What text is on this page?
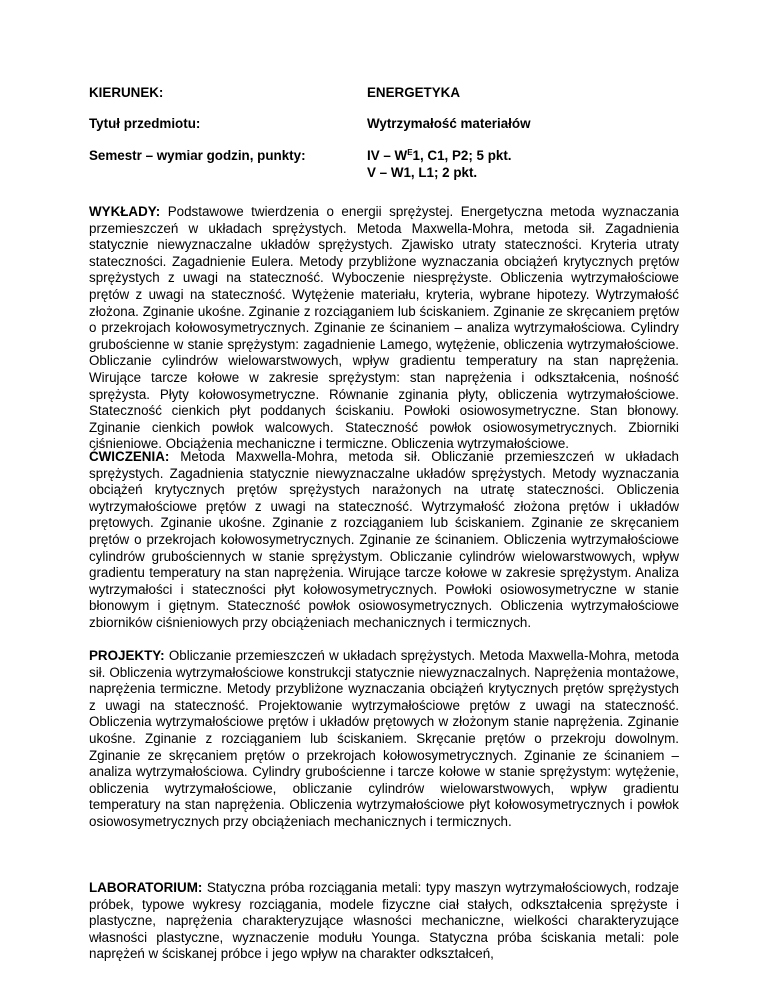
KIERUNEK:	ENERGETYKA
Tytuł przedmiotu:	Wytrzymałość materiałów
Semestr – wymiar godzin, punkty:	IV – $W^E1$, C1, P2; 5 pkt.
V – W1, L1; 2 pkt.
WYKŁADY: Podstawowe twierdzenia o energii sprężystej. Energetyczna metoda wyznaczania przemieszczeń w układach sprężystych. Metoda Maxwella-Mohra, metoda sił. Zagadnienia statycznie niewyznaczalne układów sprężystych. Zjawisko utraty stateczności. Kryteria utraty stateczności. Zagadnienie Eulera. Metody przybliżone wyznaczania obciążeń krytycznych prętów sprężystych z uwagi na stateczność. Wyboczenie niesprężyste. Obliczenia wytrzymałościowe prętów z uwagi na stateczność. Wytężenie materiału, kryteria, wybrane hipotezy. Wytrzymałość złożona. Zginanie ukośne. Zginanie z rozciąganiem lub ściskaniem. Zginanie ze skręcaniem prętów o przekrojach kołowosymetrycznych. Zginanie ze ścinaniem – analiza wytrzymałościowa. Cylindry grubościenne w stanie sprężystym: zagadnienie Lamego, wytężenie, obliczenia wytrzymałościowe. Obliczanie cylindrów wielowarstwowych, wpływ gradientu temperatury na stan naprężenia. Wirujące tarcze kołowe w zakresie sprężystym: stan naprężenia i odkształcenia, nośność sprężysta. Płyty kołowosymetryczne. Równanie zginania płyty, obliczenia wytrzymałościowe. Stateczność cienkich płyt poddanych ściskaniu. Powłoki osiowosymetryczne. Stan błonowy. Zginanie cienkich powłok walcowych. Stateczność powłok osiowosymetrycznych. Zbiorniki ciśnieniowe. Obciążenia mechaniczne i termiczne. Obliczenia wytrzymałościowe.
ĆWICZENIA: Metoda Maxwella-Mohra, metoda sił. Obliczanie przemieszczeń w układach sprężystych. Zagadnienia statycznie niewyznaczalne układów sprężystych. Metody wyznaczania obciążeń krytycznych prętów sprężystych narażonych na utratę stateczności. Obliczenia wytrzymałościowe prętów z uwagi na stateczność. Wytrzymałość złożona prętów i układów prętowych. Zginanie ukośne. Zginanie z rozciąganiem lub ściskaniem. Zginanie ze skręcaniem prętów o przekrojach kołowosymetrycznych. Zginanie ze ścinaniem. Obliczenia wytrzymałościowe cylindrów grubościennych w stanie sprężystym. Obliczanie cylindrów wielowarstwowych, wpływ gradientu temperatury na stan naprężenia. Wirujące tarcze kołowe w zakresie sprężystym. Analiza wytrzymałości i stateczności płyt kołowosymetrycznych. Powłoki osiowosymetryczne w stanie błonowym i giętnym. Stateczność powłok osiowosymetrycznych. Obliczenia wytrzymałościowe zbiorników ciśnieniowych przy obciążeniach mechanicznych i termicznych.
PROJEKTY: Obliczanie przemieszczeń w układach sprężystych. Metoda Maxwella-Mohra, metoda sił. Obliczenia wytrzymałościowe konstrukcji statycznie niewyznaczalnych. Naprężenia montażowe, naprężenia termiczne. Metody przybliżone wyznaczania obciążeń krytycznych prętów sprężystych z uwagi na stateczność. Projektowanie wytrzymałościowe prętów z uwagi na stateczność. Obliczenia wytrzymałościowe prętów i układów prętowych w złożonym stanie naprężenia. Zginanie ukośne. Zginanie z rozciąganiem lub ściskaniem. Skręcanie prętów o przekroju dowolnym. Zginanie ze skręcaniem prętów o przekrojach kołowosymetrycznych. Zginanie ze ścinaniem – analiza wytrzymałościowa. Cylindry grubościenne i tarcze kołowe w stanie sprężystym: wytężenie, obliczenia wytrzymałościowe, obliczanie cylindrów wielowarstwowych, wpływ gradientu temperatury na stan naprężenia. Obliczenia wytrzymałościowe płyt kołowosymetrycznych i powłok osiowosymetrycznych przy obciążeniach mechanicznych i termicznych.
LABORATORIUM: Statyczna próba rozciągania metali: typy maszyn wytrzymałościowych, rodzaje próbek, typowe wykresy rozciągania, modele fizyczne ciał stałych, odkształcenia sprężyste i plastyczne, naprężenia charakteryzujące własności mechaniczne, wielkości charakteryzujące własności plastyczne, wyznaczenie modułu Younga. Statyczna próba ściskania metali: pole naprężeń w ściskanej próbce i jego wpływ na charakter odkształceń,
